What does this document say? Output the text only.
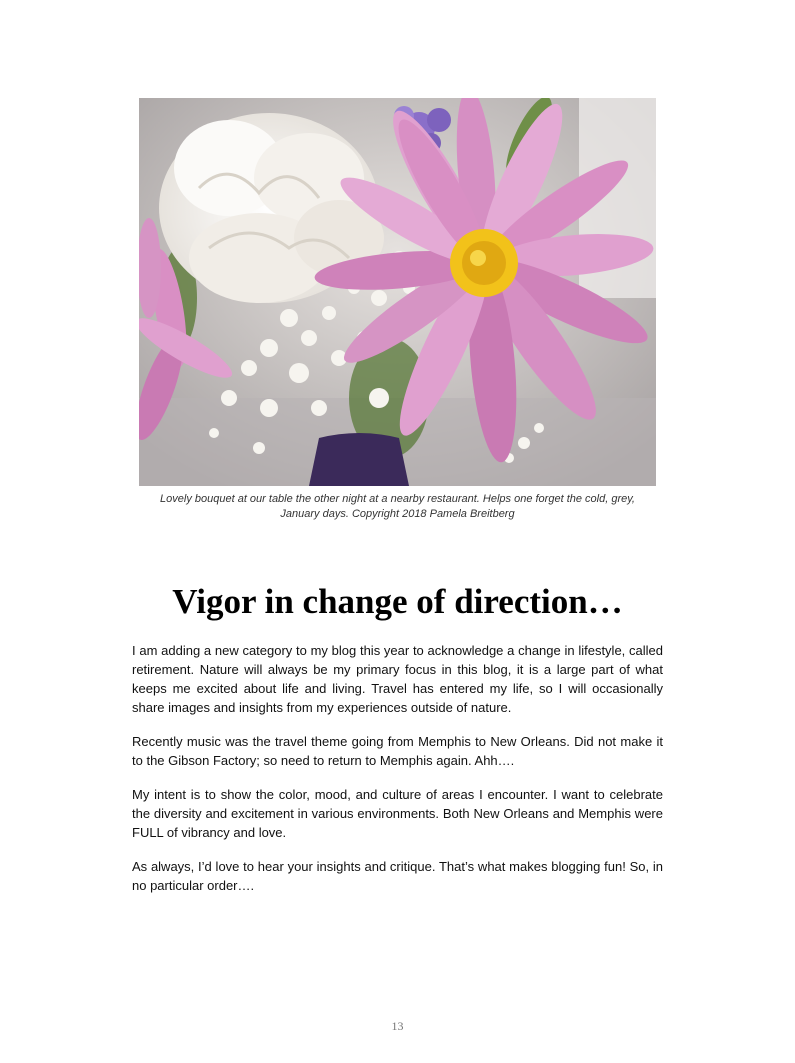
Lovely bouquet at our table the other night at a nearby restaurant. Helps one forget the cold, grey,
January days. Copyright 2018 Pamela Breitberg
Vigor in change of direction…

I am adding a new category to my blog this year to acknowledge a change in lifestyle, called retirement. Nature will always be my primary focus in this blog, it is a large part of what keeps me excited about life and living. Travel has entered my life, so I will occasionally share images and insights from my experiences outside of nature.

Recently music was the travel theme going from Memphis to New Orleans. Did not make it to the Gibson Factory; so need to return to Memphis again. Ahh….

My intent is to show the color, mood, and culture of areas I encounter. I want to celebrate the diversity and excitement in various environments. Both New Orleans and Memphis were FULL of vibrancy and love.

As always, I’d love to hear your insights and critique. That’s what makes blogging fun! So, in no particular order….

13
